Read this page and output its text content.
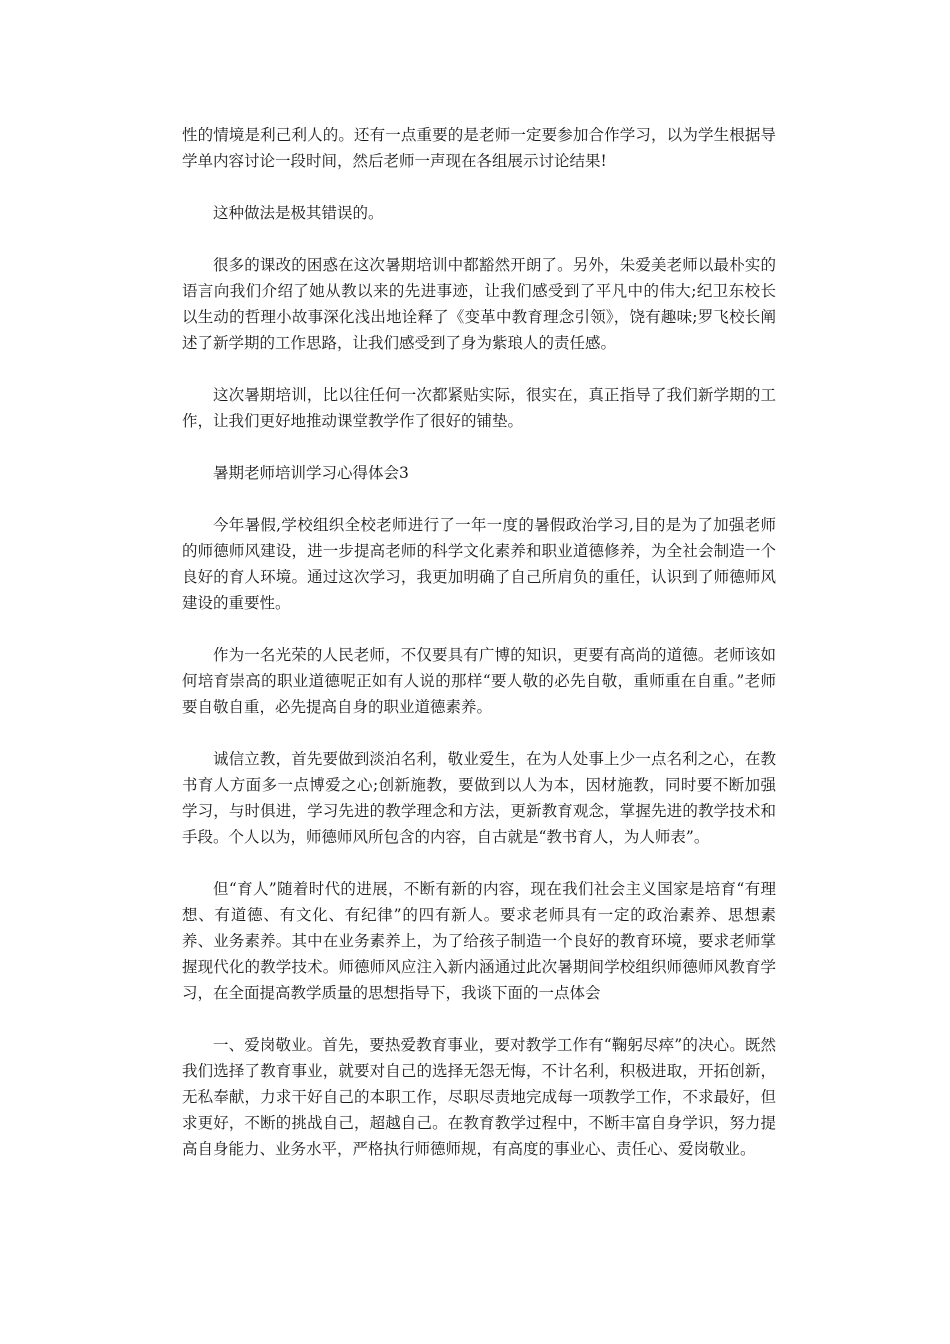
性的情境是利己利人的。还有一点重要的是老师一定要参加合作学习，以为学生根据导学单内容讨论一段时间，然后老师一声现在各组展示讨论结果!

这种做法是极其错误的。

很多的课改的困惑在这次暑期培训中都豁然开朗了。另外，朱爱美老师以最朴实的语言向我们介绍了她从教以来的先进事迹，让我们感受到了平凡中的伟大;纪卫东校长以生动的哲理小故事深化浅出地诠释了《变革中教育理念引领》，饶有趣味;罗飞校长阐述了新学期的工作思路，让我们感受到了身为紫琅人的责任感。

这次暑期培训，比以往任何一次都紧贴实际，很实在，真正指导了我们新学期的工作，让我们更好地推动课堂教学作了很好的铺垫。

暑期老师培训学习心得体会3

今年暑假,学校组织全校老师进行了一年一度的暑假政治学习,目的是为了加强老师的师德师风建设，进一步提高老师的科学文化素养和职业道德修养，为全社会制造一个良好的育人环境。通过这次学习，我更加明确了自己所肩负的重任，认识到了师德师风建设的重要性。

作为一名光荣的人民老师，不仅要具有广博的知识，更要有高尚的道德。老师该如何培育崇高的职业道德呢正如有人说的那样“要人敬的必先自敬，重师重在自重。”老师要自敬自重，必先提高自身的职业道德素养。

诚信立教，首先要做到淡泊名利，敬业爱生，在为人处事上少一点名利之心，在教书育人方面多一点博爱之心;创新施教，要做到以人为本，因材施教，同时要不断加强学习，与时俱进，学习先进的教学理念和方法，更新教育观念，掌握先进的教学技术和手段。个人以为，师德师风所包含的内容，自古就是“教书育人，为人师表”。

但“育人”随着时代的进展，不断有新的内容，现在我们社会主义国家是培育“有理想、有道德、有文化、有纪律”的四有新人。要求老师具有一定的政治素养、思想素养、业务素养。其中在业务素养上，为了给孩子制造一个良好的教育环境，要求老师掌握现代化的教学技术。师德师风应注入新内涵通过此次暑期间学校组织师德师风教育学习，在全面提高教学质量的思想指导下，我谈下面的一点体会

一、爱岗敬业。首先，要热爱教育事业，要对教学工作有“鞠躬尽瘁”的决心。既然我们选择了教育事业，就要对自己的选择无怨无悔，不计名利，积极进取，开拓创新，无私奉献，力求干好自己的本职工作，尽职尽责地完成每一项教学工作，不求最好，但求更好，不断的挑战自己，超越自己。在教育教学过程中，不断丰富自身学识，努力提高自身能力、业务水平，严格执行师德师规，有高度的事业心、责任心、爱岗敬业。
